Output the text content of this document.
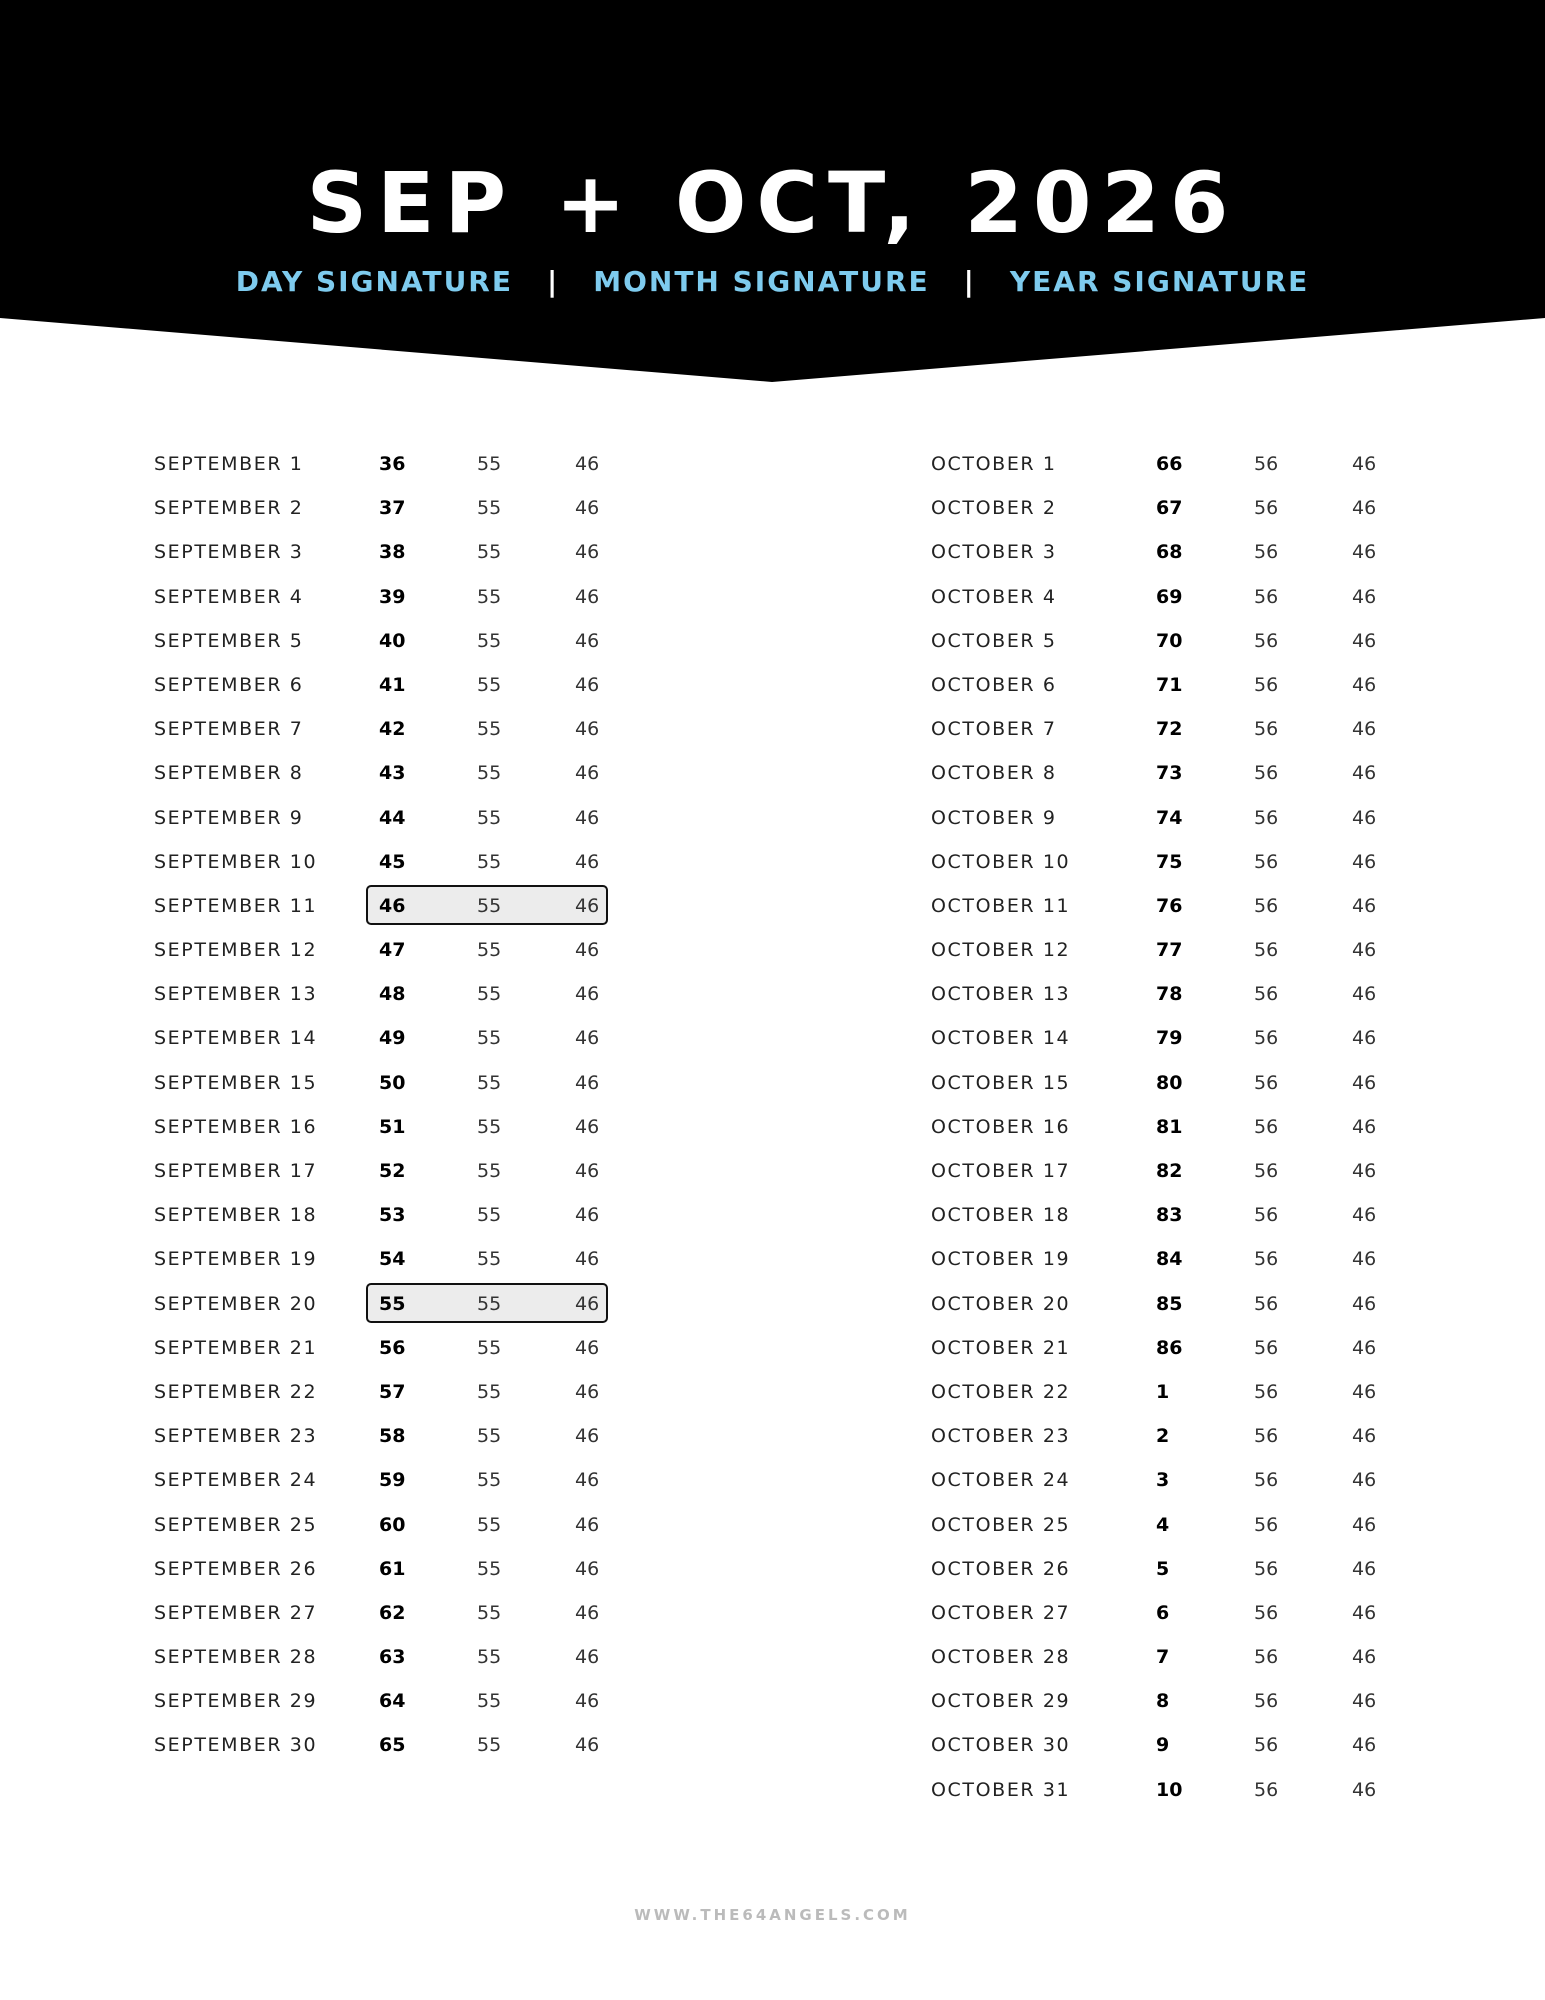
SEP + OCT, 2026
DAY SIGNATURE | MONTH SIGNATURE | YEAR SIGNATURE
SEPTEMBER 1	36	55	46
SEPTEMBER 2	37	55	46
SEPTEMBER 3	38	55	46
SEPTEMBER 4	39	55	46
SEPTEMBER 5	40	55	46
SEPTEMBER 6	41	55	46
SEPTEMBER 7	42	55	46
SEPTEMBER 8	43	55	46
SEPTEMBER 9	44	55	46
SEPTEMBER 10	45	55	46
SEPTEMBER 11	46	55	46
SEPTEMBER 12	47	55	46
SEPTEMBER 13	48	55	46
SEPTEMBER 14	49	55	46
SEPTEMBER 15	50	55	46
SEPTEMBER 16	51	55	46
SEPTEMBER 17	52	55	46
SEPTEMBER 18	53	55	46
SEPTEMBER 19	54	55	46
SEPTEMBER 20	55	55	46
SEPTEMBER 21	56	55	46
SEPTEMBER 22	57	55	46
SEPTEMBER 23	58	55	46
SEPTEMBER 24	59	55	46
SEPTEMBER 25	60	55	46
SEPTEMBER 26	61	55	46
SEPTEMBER 27	62	55	46
SEPTEMBER 28	63	55	46
SEPTEMBER 29	64	55	46
SEPTEMBER 30	65	55	46
OCTOBER 1	66	56	46
OCTOBER 2	67	56	46
OCTOBER 3	68	56	46
OCTOBER 4	69	56	46
OCTOBER 5	70	56	46
OCTOBER 6	71	56	46
OCTOBER 7	72	56	46
OCTOBER 8	73	56	46
OCTOBER 9	74	56	46
OCTOBER 10	75	56	46
OCTOBER 11	76	56	46
OCTOBER 12	77	56	46
OCTOBER 13	78	56	46
OCTOBER 14	79	56	46
OCTOBER 15	80	56	46
OCTOBER 16	81	56	46
OCTOBER 17	82	56	46
OCTOBER 18	83	56	46
OCTOBER 19	84	56	46
OCTOBER 20	85	56	46
OCTOBER 21	86	56	46
OCTOBER 22	1	56	46
OCTOBER 23	2	56	46
OCTOBER 24	3	56	46
OCTOBER 25	4	56	46
OCTOBER 26	5	56	46
OCTOBER 27	6	56	46
OCTOBER 28	7	56	46
OCTOBER 29	8	56	46
OCTOBER 30	9	56	46
OCTOBER 31	10	56	46
WWW.THE64ANGELS.COM
